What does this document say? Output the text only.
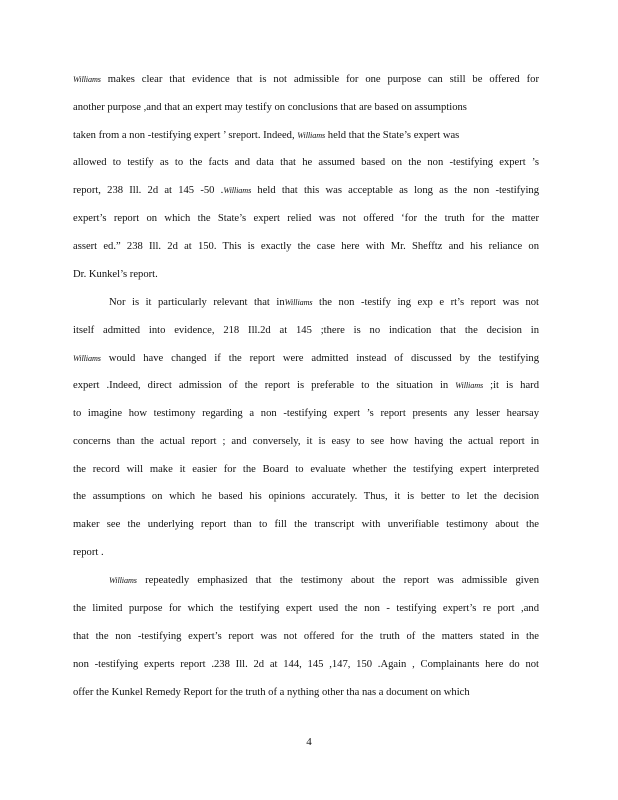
Williams makes clear that evidence that is not admissible for one purpose can still be offered for
another purpose ,and that an expert may testify on conclusions that are based on assumptions
taken from a non -testifying expert ’ sreport. Indeed, Williams held that the State’s expert was
allowed to testify as to the facts and data that he assumed based on the non -testifying expert ’s
report, 238 Ill. 2d at 145 -50 .Williams held that this was acceptable as long as the non -testifying
expert’s report on which the State’s expert relied was not offered ‘for the truth for the matter
assert ed.” 238 Ill. 2d at 150. This is exactly the case here with Mr. Shefftz and his reliance on
Dr. Kunkel’s report.
Nor is it particularly relevant that inWilliams the non -testify ing exp e rt’s report was not
itself admitted into evidence, 218 Ill.2d at 145 ;there is no indication that the decision in
Williams would have changed if the report were admitted instead of discussed by the testifying
expert .Indeed, direct admission of the report is preferable to the situation in Williams ;it is hard
to imagine how testimony regarding a non -testifying expert ’s report presents any lesser hearsay
concerns than the actual report ; and conversely, it is easy to see how having the actual report in
the record will make it easier for the Board to evaluate whether the testifying expert interpreted
the assumptions on which he based his opinions accurately. Thus, it is better to let the decision
maker see the underlying report than to fill the transcript with unverifiable testimony about the
report .
Williams repeatedly emphasized that the testimony about the report was admissible given
the limited purpose for which the testifying expert used the non - testifying expert’s re port ,and
that the non -testifying expert’s report was not offered for the truth of the matters stated in the
non -testifying experts report .238 Ill. 2d at 144, 145 ,147, 150 .Again , Complainants here do not
offer the Kunkel Remedy Report for the truth of a nything other tha nas a document on which
4
